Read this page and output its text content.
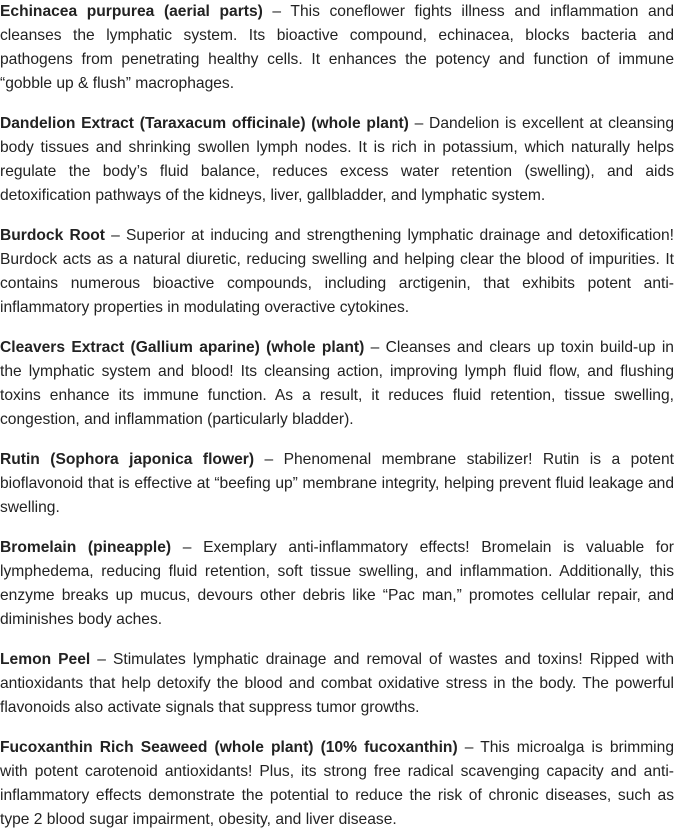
Echinacea purpurea (aerial parts) – This coneflower fights illness and inflammation and cleanses the lymphatic system. Its bioactive compound, echinacea, blocks bacteria and pathogens from penetrating healthy cells. It enhances the potency and function of immune “gobble up & flush” macrophages.

Dandelion Extract (Taraxacum officinale) (whole plant) – Dandelion is excellent at cleansing body tissues and shrinking swollen lymph nodes. It is rich in potassium, which naturally helps regulate the body’s fluid balance, reduces excess water retention (swelling), and aids detoxification pathways of the kidneys, liver, gallbladder, and lymphatic system.

Burdock Root – Superior at inducing and strengthening lymphatic drainage and detoxification! Burdock acts as a natural diuretic, reducing swelling and helping clear the blood of impurities. It contains numerous bioactive compounds, including arctigenin, that exhibits potent anti-inflammatory properties in modulating overactive cytokines.

Cleavers Extract (Gallium aparine) (whole plant) – Cleanses and clears up toxin build-up in the lymphatic system and blood! Its cleansing action, improving lymph fluid flow, and flushing toxins enhance its immune function. As a result, it reduces fluid retention, tissue swelling, congestion, and inflammation (particularly bladder).

Rutin (Sophora japonica flower) – Phenomenal membrane stabilizer! Rutin is a potent bioflavonoid that is effective at “beefing up” membrane integrity, helping prevent fluid leakage and swelling.

Bromelain (pineapple) – Exemplary anti-inflammatory effects! Bromelain is valuable for lymphedema, reducing fluid retention, soft tissue swelling, and inflammation. Additionally, this enzyme breaks up mucus, devours other debris like “Pac man,” promotes cellular repair, and diminishes body aches.

Lemon Peel – Stimulates lymphatic drainage and removal of wastes and toxins! Ripped with antioxidants that help detoxify the blood and combat oxidative stress in the body. The powerful flavonoids also activate signals that suppress tumor growths.

Fucoxanthin Rich Seaweed (whole plant) (10% fucoxanthin) – This microalga is brimming with potent carotenoid antioxidants! Plus, its strong free radical scavenging capacity and anti-inflammatory effects demonstrate the potential to reduce the risk of chronic diseases, such as type 2 blood sugar impairment, obesity, and liver disease.
